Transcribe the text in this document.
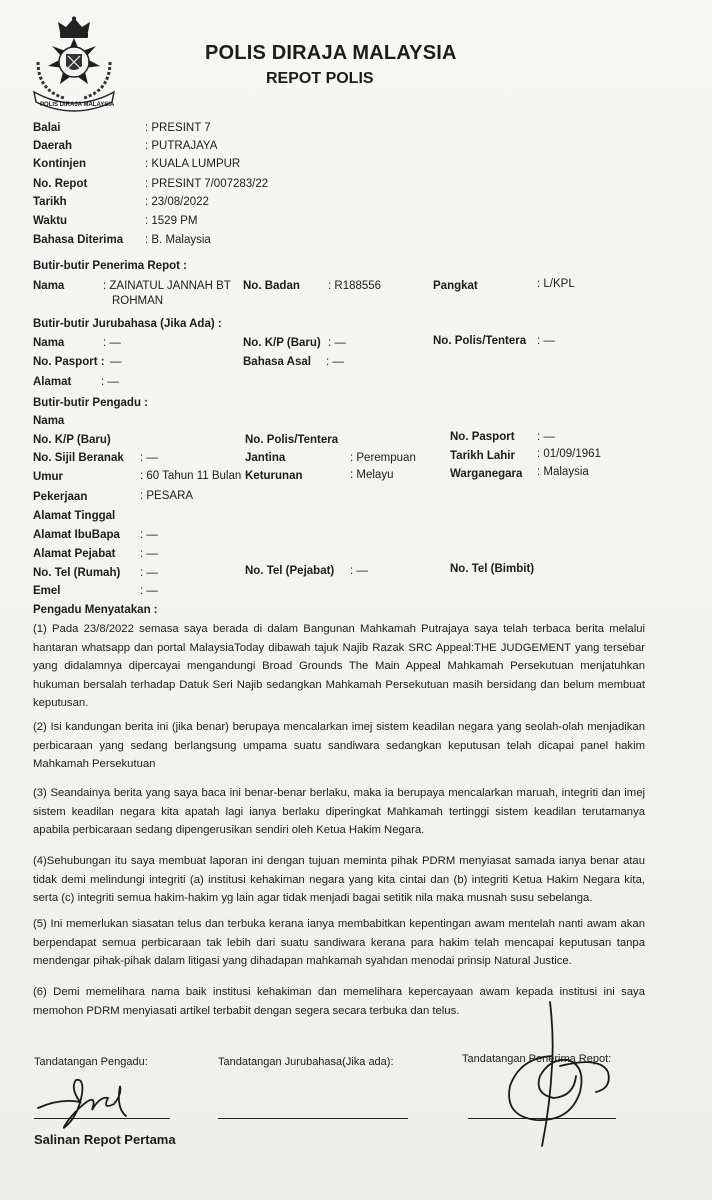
POLIS DIRAJA MALAYSIA
POLIS DIRAJA MALAYSIA
REPOT POLIS
Balai	: PRESINT 7
Daerah	: PUTRAJAYA
Kontinjen	: KUALA LUMPUR
No. Repot	: PRESINT 7/007283/22
Tarikh	: 23/08/2022
Waktu	: 1529 PM
Bahasa Diterima : B. Malaysia
Butir-butir Penerima Repot :
Nama	: ZAINATUL JANNAH BT
ROHMAN
No. Badan : R188556	Pangkat	: L/KPL
Butir-butir Jurubahasa (Jika Ada) :
Nama	: —	No. K/P (Baru) : —	No. Polis/Tentera : —
No. Pasport : —	Bahasa Asal : —
Alamat	: —
Butir-butir Pengadu :
Nama
No. K/P (Baru)	No. Polis/Tentera	No. Pasport : —
No. Sijil Beranak : —	Jantina	: Perempuan	Tarikh Lahir : 01/09/1961
Umur	: 60 Tahun 11 Bulan Keturunan	: Melayu	Warganegara : Malaysia
Pekerjaan	: PESARA
Alamat Tinggal
Alamat IbuBapa : —
Alamat Pejabat : —
No. Tel (Rumah) : —	No. Tel (Pejabat) : —	No. Tel (Bimbit)
Emel	: —
Pengadu Menyatakan :
(1) Pada 23/8/2022 semasa saya berada di dalam Bangunan Mahkamah Putrajaya saya telah terbaca berita melalui hantaran whatsapp dan portal MalaysiaToday dibawah tajuk Najib Razak SRC Appeal:THE JUDGEMENT yang tersebar yang didalamnya dipercayai mengandungi Broad Grounds The Main Appeal Mahkamah Persekutuan menjatuhkan hukuman bersalah terhadap Datuk Seri Najib sedangkan Mahkamah Persekutuan masih bersidang dan belum membuat keputusan.
(2) Isi kandungan berita ini (jika benar) berupaya mencalarkan imej sistem keadilan negara yang seolah-olah menjadikan perbicaraan yang sedang berlangsung umpama suatu sandiwara sedangkan keputusan telah dicapai panel hakim Mahkamah Persekutuan
(3) Seandainya berita yang saya baca ini benar-benar berlaku, maka ia berupaya mencalarkan maruah, integriti dan imej sistem keadilan negara kita apatah lagi ianya berlaku diperingkat Mahkamah tertinggi sistem keadilan terutamanya apabila perbicaraan sedang dipengerusikan sendiri oleh Ketua Hakim Negara.
(4)Sehubungan itu saya membuat laporan ini dengan tujuan meminta pihak PDRM menyiasat samada ianya benar atau tidak demi melindungi integriti (a) institusi kehakiman negara yang kita cintai dan (b) integriti Ketua Hakim Negara kita, serta (c) integriti semua hakim-hakim yg lain agar tidak menjadi bagai setitik nila maka musnah susu sebelanga.
(5) Ini memerlukan siasatan telus dan terbuka kerana ianya membabitkan kepentingan awam mentelah nanti awam akan berpendapat semua perbicaraan tak lebih dari suatu sandiwara kerana para hakim telah mencapai keputusan tanpa mendengar pihak-pihak dalam litigasi yang dihadapan mahkamah syahdan menodai prinsip Natural Justice.
(6) Demi memelihara nama baik institusi kehakiman dan memelihara kepercayaan awam kepada institusi ini saya memohon PDRM menyiasati artikel terbabit dengan segera secara terbuka dan telus.
Tandatangan Pengadu:	Tandatangan Jurubahasa(Jika ada):	Tandatangan Penerima Repot:
Salinan Repot Pertama
